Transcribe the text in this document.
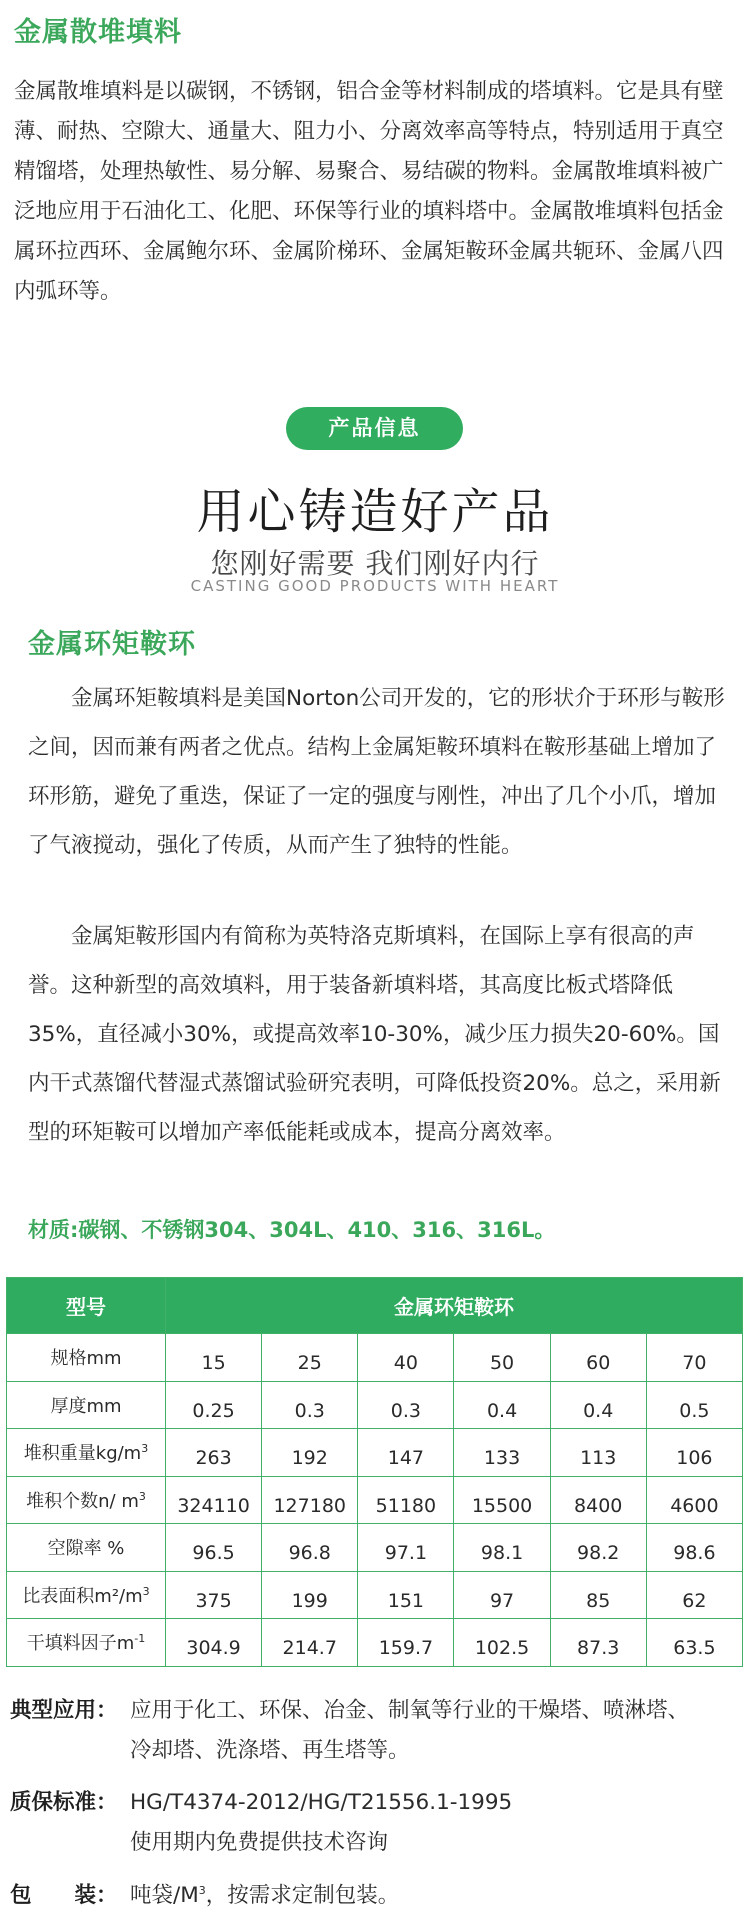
金属散堆填料

金属散堆填料是以碳钢，不锈钢，铝合金等材料制成的塔填料。它是具有壁薄、耐热、空隙大、通量大、阻力小、分离效率高等特点，特别适用于真空精馏塔，处理热敏性、易分解、易聚合、易结碳的物料。金属散堆填料被广泛地应用于石油化工、化肥、环保等行业的填料塔中。金属散堆填料包括金属环拉西环、金属鲍尔环、金属阶梯环、金属矩鞍环金属共轭环、金属八四内弧环等。

产品信息
用心铸造好产品
您刚好需要 我们刚好内行
CASTING GOOD PRODUCTS WITH HEART
金属环矩鞍环

金属环矩鞍填料是美国Norton公司开发的，它的形状介于环形与鞍形之间，因而兼有两者之优点。结构上金属矩鞍环填料在鞍形基础上增加了环形筋，避免了重迭，保证了一定的强度与刚性，冲出了几个小爪，增加了气液搅动，强化了传质，从而产生了独特的性能。

金属矩鞍形国内有简称为英特洛克斯填料，在国际上享有很高的声誉。这种新型的高效填料，用于装备新填料塔，其高度比板式塔降低35%，直径减小30%，或提高效率10-30%，减少压力损失20-60%。国内干式蒸馏代替湿式蒸馏试验研究表明，可降低投资20%。总之，采用新型的环矩鞍可以增加产率低能耗或成本，提高分离效率。

材质:碳钢、不锈钢304、304L、410、316、316L。
型号	金属环矩鞍环					
规格mm	15	25	40	50	60	70
厚度mm	0.25	0.3	0.3	0.4	0.4	0.5
堆积重量$kg/m^3$	263	192	147	133	113	106
堆积个数n/ $m^3$	324110	127180	51180	15500	8400	4600
空隙率 %	96.5	96.8	97.1	98.1	98.2	98.6
比表面积$m^2/m^3$	375	199	151	97	85	62
干填料因子$m^{-1}$	304.9	214.7	159.7	102.5	87.3	63.5
典型应用： 应用于化工、环保、冶金、制氧等行业的干燥塔、喷淋塔、
冷却塔、洗涤塔、再生塔等。
质保标准： HG/T4374-2012/HG/T21556.1-1995
使用期内免费提供技术咨询
包　　装： 吨袋$/M^3$，按需求定制包装。
